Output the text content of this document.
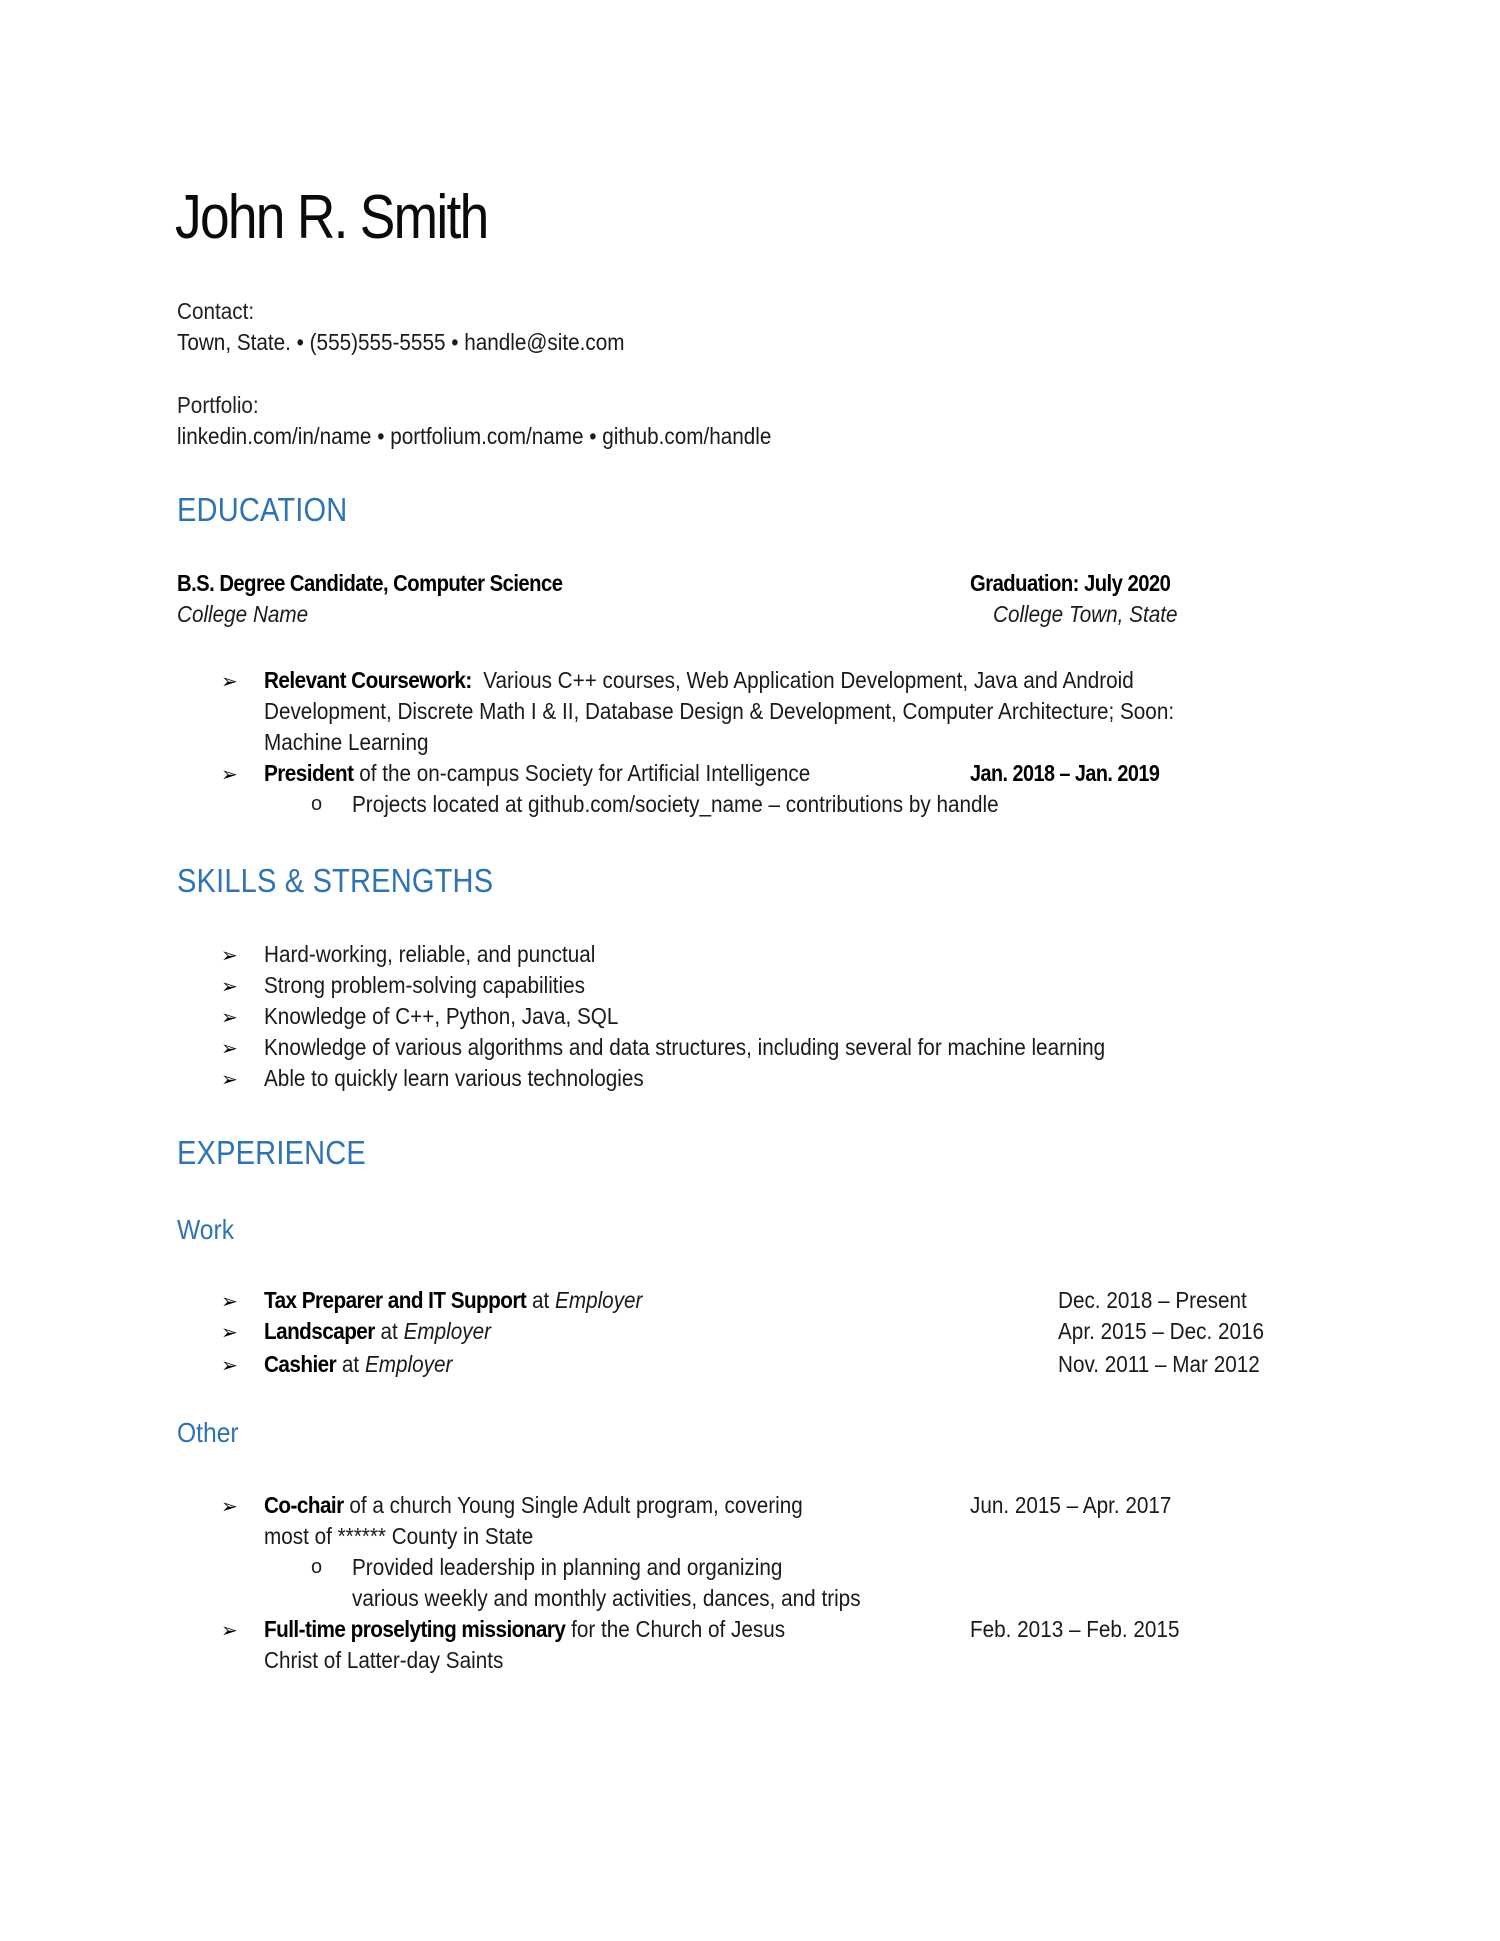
John R. Smith
Contact:
Town, State. • (555)555-5555 • handle@site.com
Portfolio:
linkedin.com/in/name • portfolium.com/name • github.com/handle
EDUCATION
B.S. Degree Candidate, Computer Science	Graduation: July 2020
College Name	College Town, State
➢ Relevant Coursework: Various C++ courses, Web Application Development, Java and Android
Development, Discrete Math I & II, Database Design & Development, Computer Architecture; Soon:
Machine Learning
➢ President of the on-campus Society for Artificial Intelligence	Jan. 2018 – Jan. 2019
o Projects located at github.com/society_name – contributions by handle
SKILLS & STRENGTHS
➢ Hard-working, reliable, and punctual
➢ Strong problem-solving capabilities
➢ Knowledge of C++, Python, Java, SQL
➢ Knowledge of various algorithms and data structures, including several for machine learning
➢ Able to quickly learn various technologies
EXPERIENCE
Work
➢ Tax Preparer and IT Support at Employer	Dec. 2018 – Present
➢ Landscaper at Employer	Apr. 2015 – Dec. 2016
➢ Cashier at Employer	Nov. 2011 – Mar 2012
Other
➢ Co-chair of a church Young Single Adult program, covering	Jun. 2015 – Apr. 2017
most of ****** County in State
o Provided leadership in planning and organizing
various weekly and monthly activities, dances, and trips
➢ Full-time proselyting missionary for the Church of Jesus	Feb. 2013 – Feb. 2015
Christ of Latter-day Saints
